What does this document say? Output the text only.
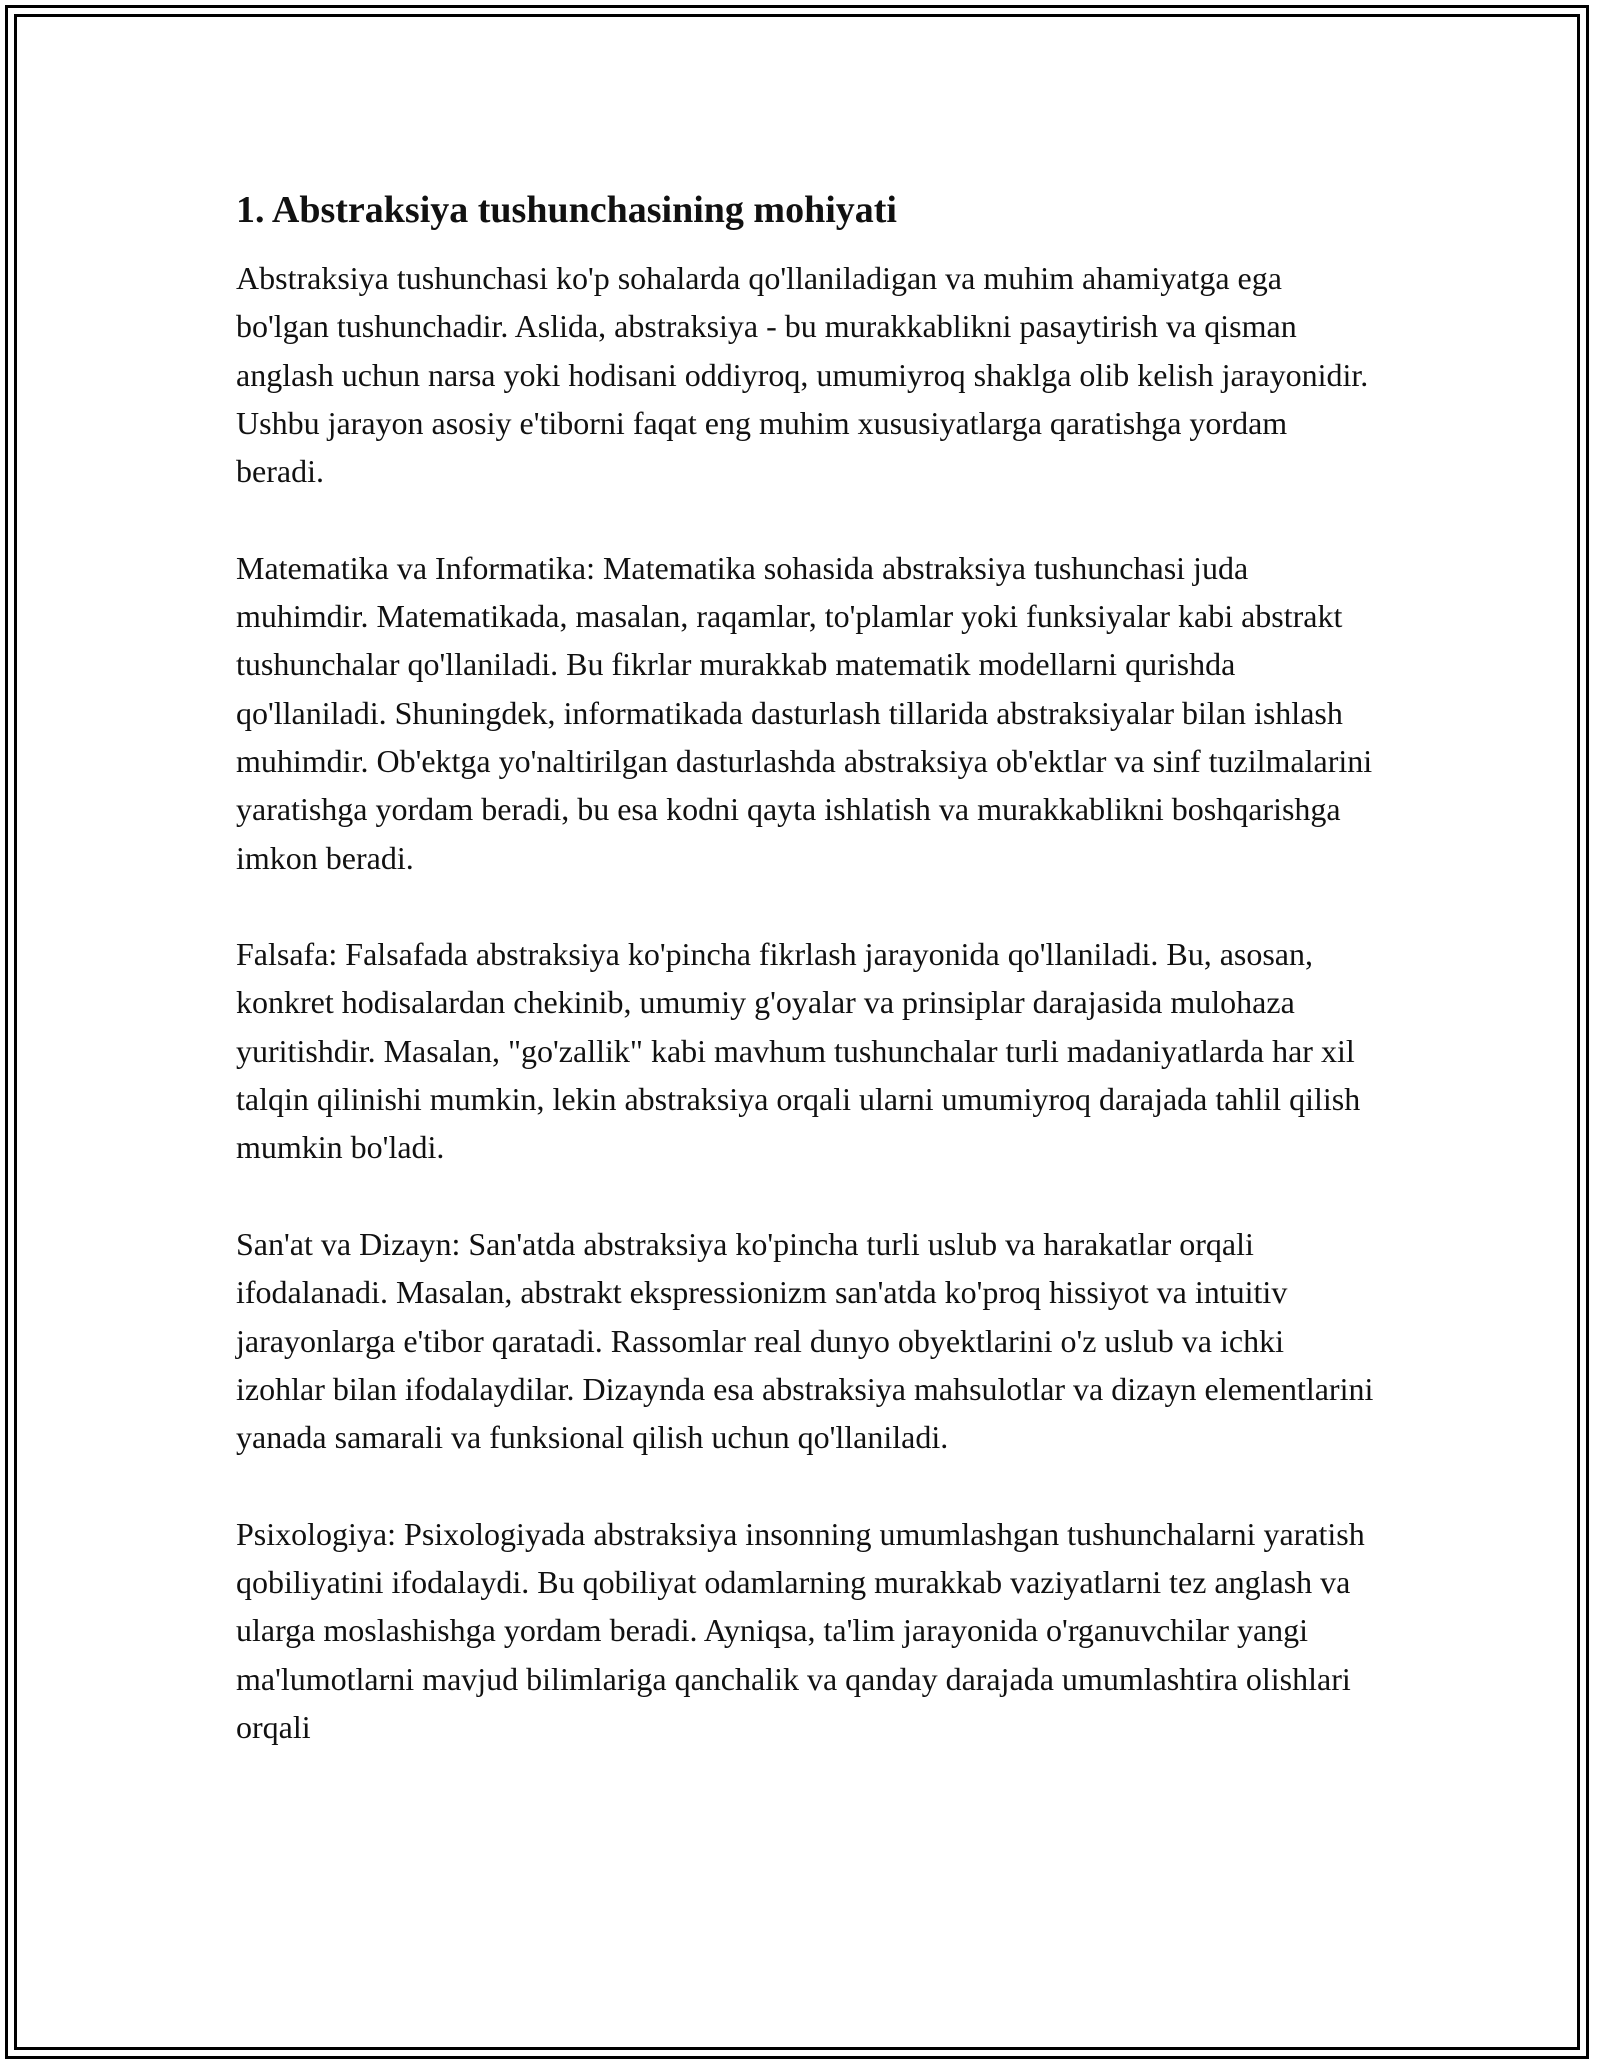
1. Abstraksiya tushunchasining mohiyati

Abstraksiya tushunchasi ko'p sohalarda qo'llaniladigan va muhim ahamiyatga ega bo'lgan tushunchadir. Aslida, abstraksiya - bu murakkablikni pasaytirish va qisman anglash uchun narsa yoki hodisani oddiyroq, umumiyroq shaklga olib kelish jarayonidir. Ushbu jarayon asosiy e'tiborni faqat eng muhim xususiyatlarga qaratishga yordam beradi.

Matematika va Informatika: Matematika sohasida abstraksiya tushunchasi juda muhimdir. Matematikada, masalan, raqamlar, to'plamlar yoki funksiyalar kabi abstrakt tushunchalar qo'llaniladi. Bu fikrlar murakkab matematik modellarni qurishda qo'llaniladi. Shuningdek, informatikada dasturlash tillarida abstraksiyalar bilan ishlash muhimdir. Ob'ektga yo'naltirilgan dasturlashda abstraksiya ob'ektlar va sinf tuzilmalarini yaratishga yordam beradi, bu esa kodni qayta ishlatish va murakkablikni boshqarishga imkon beradi.

Falsafa: Falsafada abstraksiya ko'pincha fikrlash jarayonida qo'llaniladi. Bu, asosan, konkret hodisalardan chekinib, umumiy g'oyalar va prinsiplar darajasida mulohaza yuritishdir. Masalan, "go'zallik" kabi mavhum tushunchalar turli madaniyatlarda har xil talqin qilinishi mumkin, lekin abstraksiya orqali ularni umumiyroq darajada tahlil qilish mumkin bo'ladi.

San'at va Dizayn: San'atda abstraksiya ko'pincha turli uslub va harakatlar orqali ifodalanadi. Masalan, abstrakt ekspressionizm san'atda ko'proq hissiyot va intuitiv jarayonlarga e'tibor qaratadi. Rassomlar real dunyo obyektlarini o'z uslub va ichki izohlar bilan ifodalaydilar. Dizaynda esa abstraksiya mahsulotlar va dizayn elementlarini yanada samarali va funksional qilish uchun qo'llaniladi.

Psixologiya: Psixologiyada abstraksiya insonning umumlashgan tushunchalarni yaratish qobiliyatini ifodalaydi. Bu qobiliyat odamlarning murakkab vaziyatlarni tez anglash va ularga moslashishga yordam beradi. Ayniqsa, ta'lim jarayonida o'rganuvchilar yangi ma'lumotlarni mavjud bilimlariga qanchalik va qanday darajada umumlashtira olishlari orqali
